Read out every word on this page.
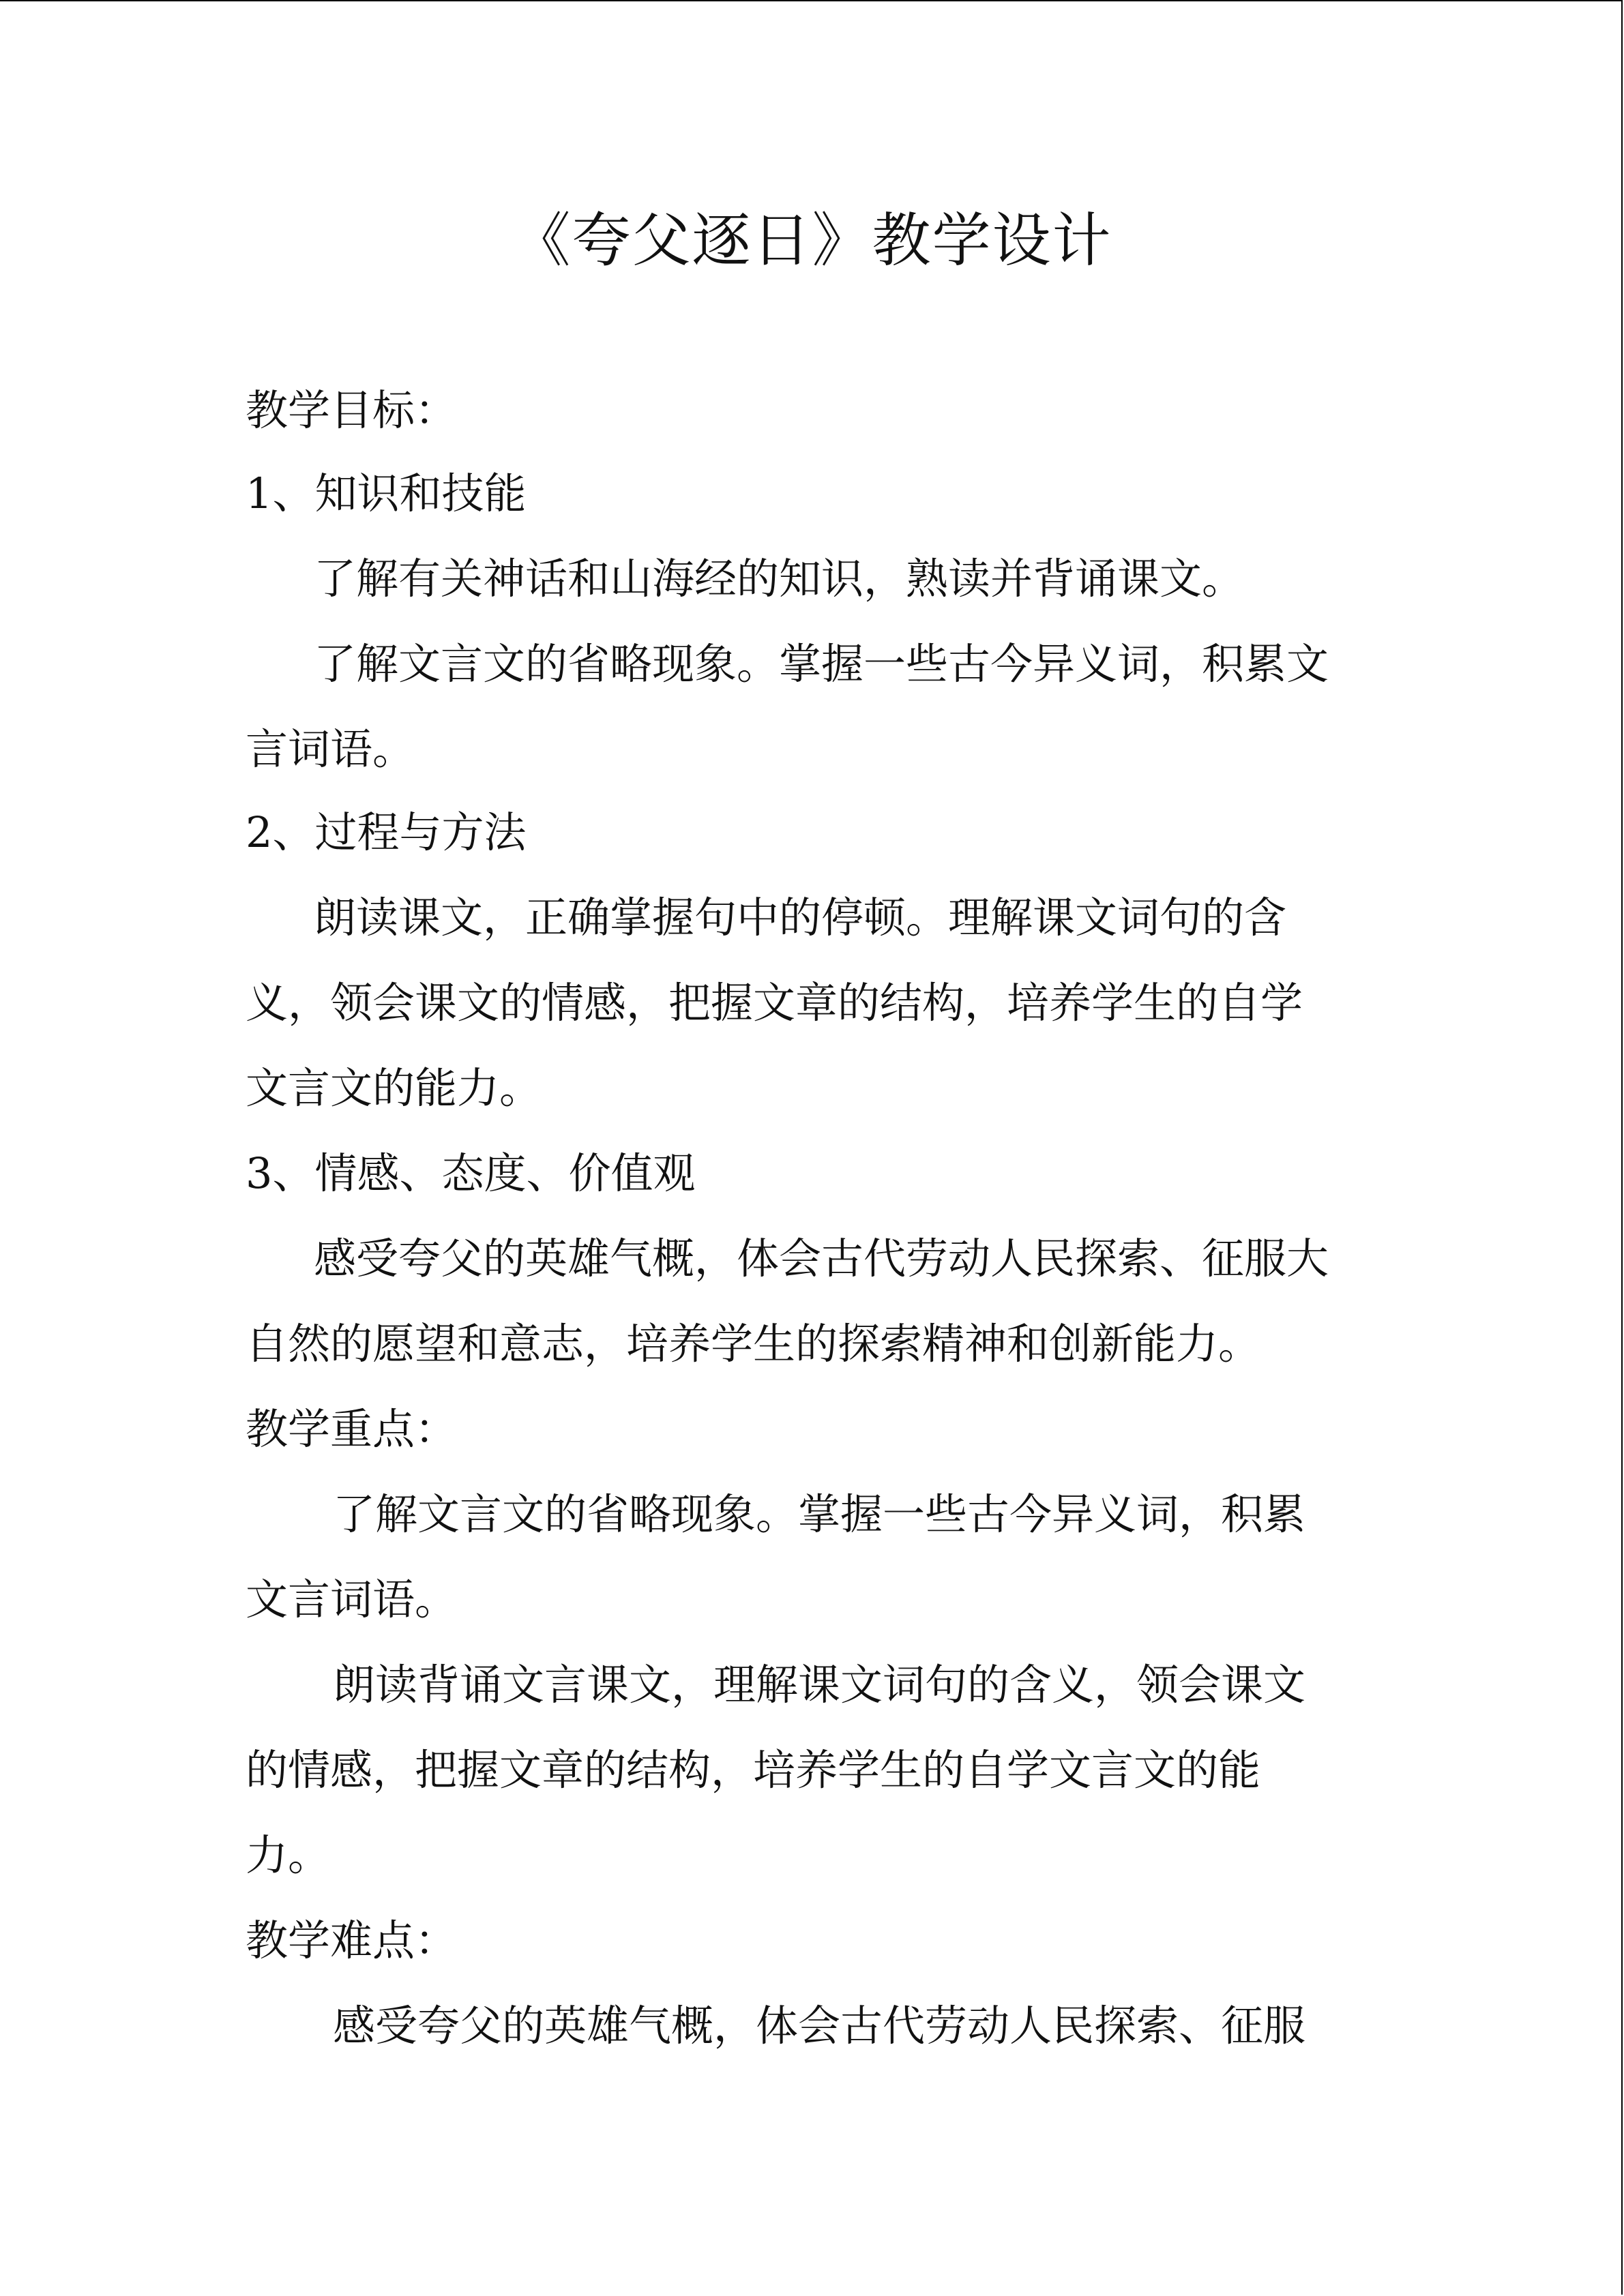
《夸父逐日》教学设计

教学目标：

1、知识和技能

了解有关神话和山海经的知识，熟读并背诵课文。

了解文言文的省略现象。掌握一些古今异义词，积累文

言词语。

2、过程与方法

朗读课文，正确掌握句中的停顿。理解课文词句的含

义，领会课文的情感，把握文章的结构，培养学生的自学

文言文的能力。

3、情感、态度、价值观

感受夸父的英雄气概，体会古代劳动人民探索、征服大

自然的愿望和意志，培养学生的探索精神和创新能力。

教学重点：

了解文言文的省略现象。掌握一些古今异义词，积累

文言词语。

朗读背诵文言课文，理解课文词句的含义，领会课文

的情感，把握文章的结构，培养学生的自学文言文的能

力。

教学难点：

感受夸父的英雄气概，体会古代劳动人民探索、征服
